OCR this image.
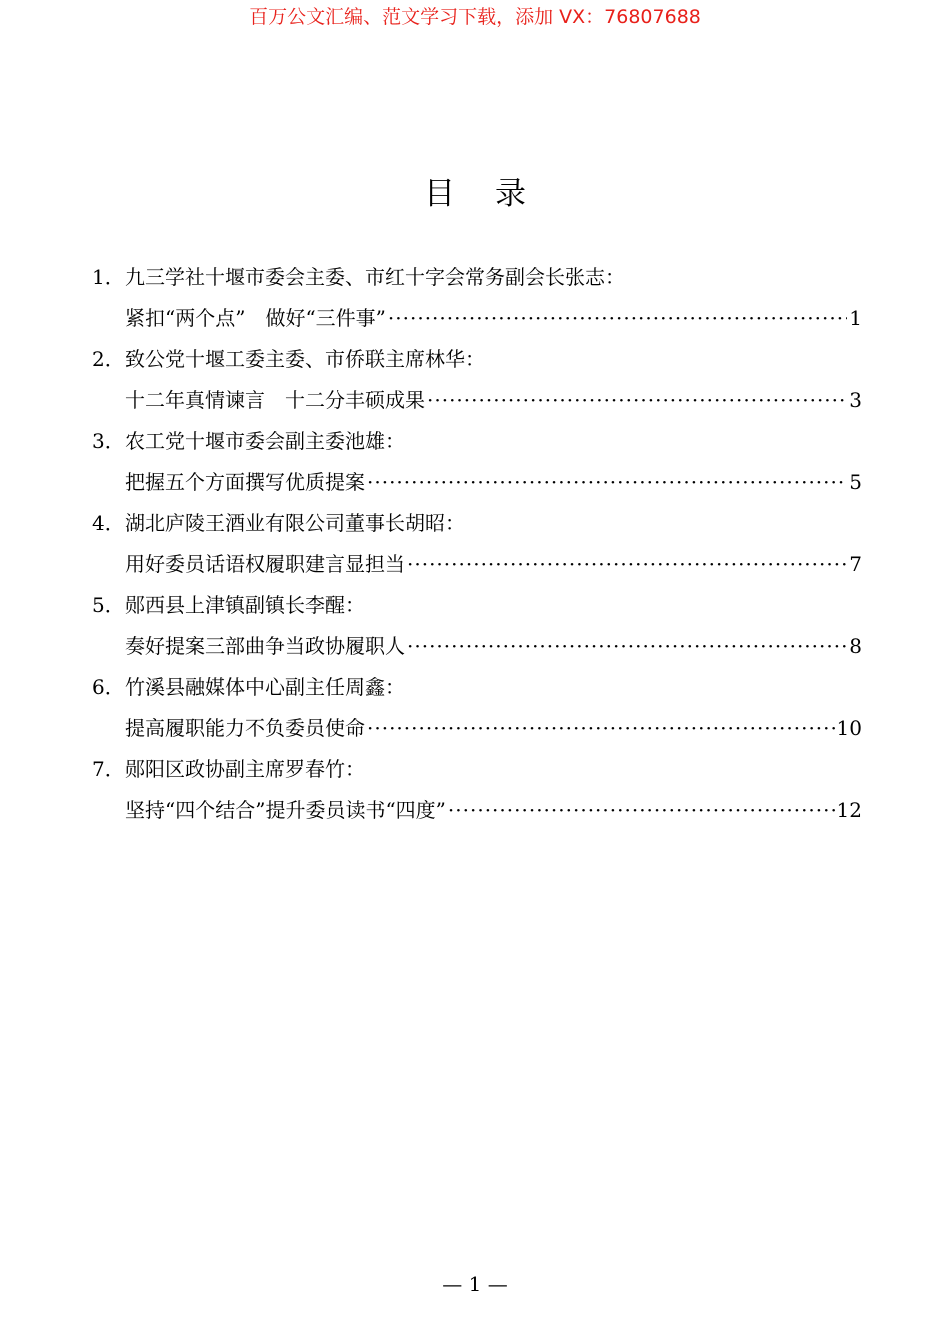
百万公文汇编、范文学习下载，添加 VX：76807688
目录
1． 九三学社十堰市委会主委、市红十字会常务副会长张志：
紧扣“两个点”　做好“三件事” ·····	1
2． 致公党十堰工委主委、市侨联主席林华：
十二年真情谏言　十二分丰硕成果 ·····	3
3． 农工党十堰市委会副主委池雄：
把握五个方面撰写优质提案 ·····	5
4． 湖北庐陵王酒业有限公司董事长胡昭：
用好委员话语权履职建言显担当 ·····	7
5． 郧西县上津镇副镇长李醒：
奏好提案三部曲争当政协履职人 ·····	8
6． 竹溪县融媒体中心副主任周鑫：
提高履职能力不负委员使命 ·····	10
7． 郧阳区政协副主席罗春竹：
坚持“四个结合”提升委员读书“四度” ·····	12
— 1 —
